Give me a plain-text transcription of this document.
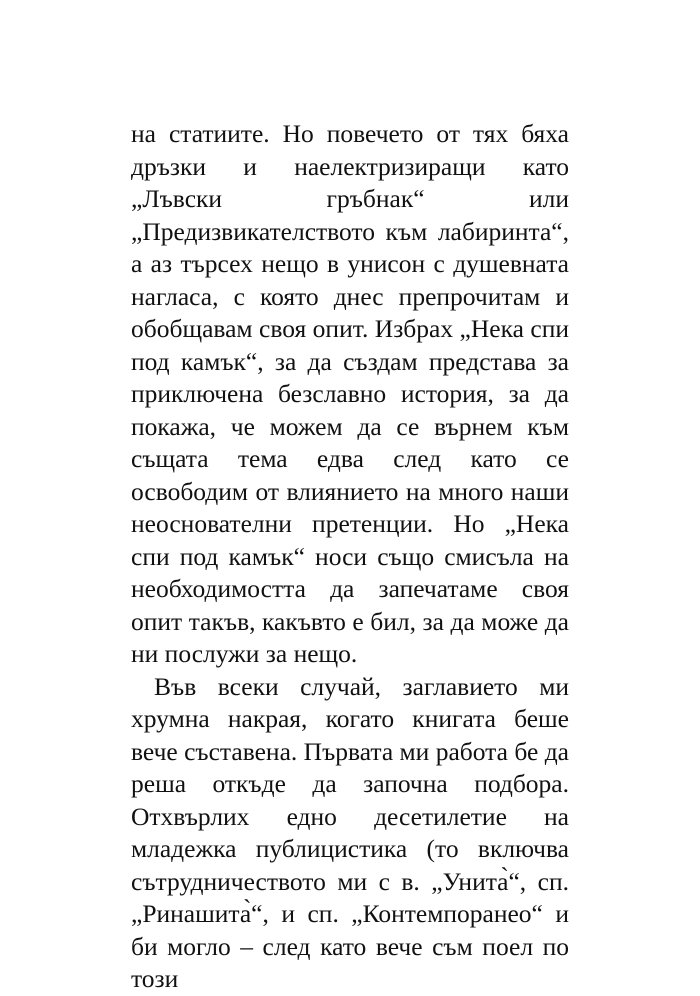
на статиите. Но повечето от тях бяха дръзки и наелектризиращи като „Лъвски гръбнак“ или „Предизвикателството към лабиринта“, а аз търсех нещо в унисон с душевната нагласа, с която днес препрочитам и обобщавам своя опит. Избрах „Нека спи под камък“, за да създам представа за приключена безславно история, за да покажа, че можем да се върнем към същата тема едва след като се освободим от влиянието на много наши неоснователни претенции. Но „Нека спи под камък“ носи също смисъла на необходимостта да запечатаме своя опит такъв, какъвто е бил, за да може да ни послужи за нещо.

Във всеки случай, заглавието ми хрумна накрая, когато книгата беше вече съставена. Първата ми работа бе да реша откъде да започна подбора. Отхвърлих едно десетилетие на младежка публицистика (то включва сътрудничеството ми с в. „Унита̀“, сп. „Ринашита̀“, и сп. „Контемпоранео“ и би могло – след като вече съм поел по този
